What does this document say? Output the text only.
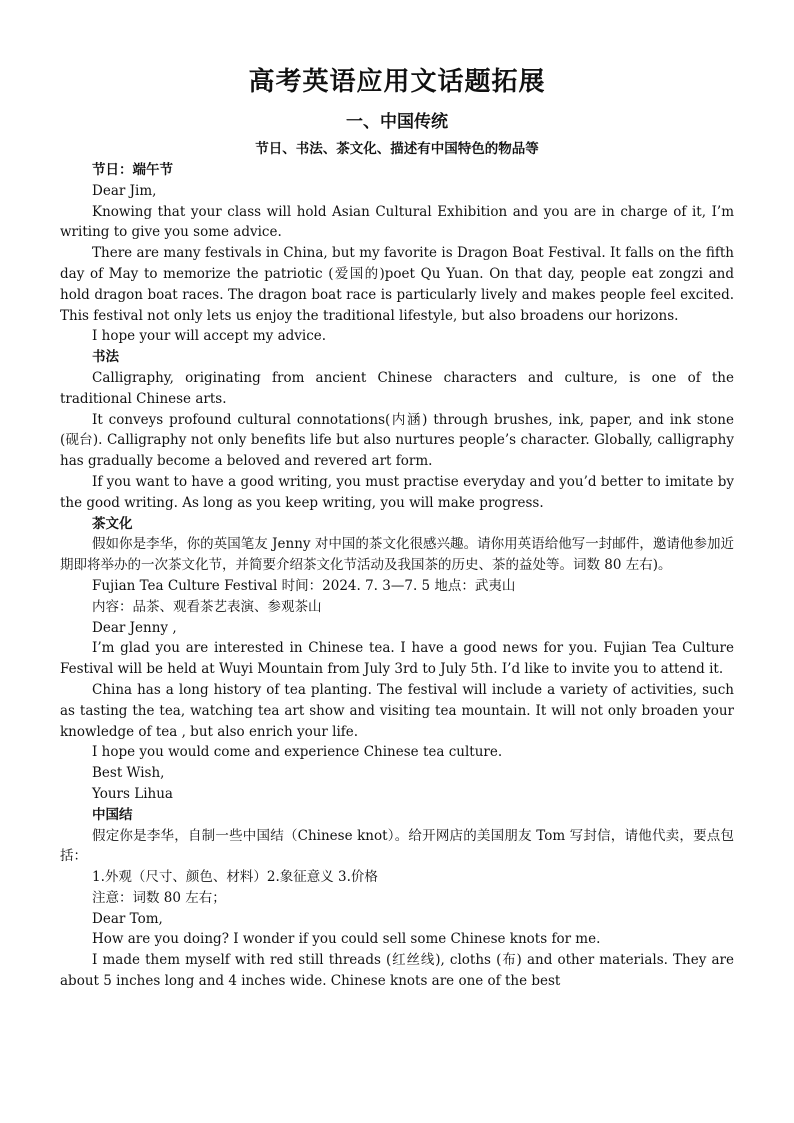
高考英语应用文话题拓展
一、中国传统
节日、书法、茶文化、描述有中国特色的物品等

节日：端午节

Dear Jim,

Knowing that your class will hold Asian Cultural Exhibition and you are in charge of it, I’m writing to give you some advice.

There are many festivals in China, but my favorite is Dragon Boat Festival. It falls on the fifth day of May to memorize the patriotic (爱国的)poet Qu Yuan. On that day, people eat zongzi and hold dragon boat races. The dragon boat race is particularly lively and makes people feel excited. This festival not only lets us enjoy the traditional lifestyle, but also broadens our horizons.

I hope your will accept my advice.

书法

Calligraphy, originating from ancient Chinese characters and culture, is one of the traditional Chinese arts.

It conveys profound cultural connotations(内涵) through brushes, ink, paper, and ink stone (砚台). Calligraphy not only benefits life but also nurtures people’s character. Globally, calligraphy has gradually become a beloved and revered art form.

If you want to have a good writing, you must practise everyday and you’d better to imitate by the good writing. As long as you keep writing, you will make progress.

茶文化

假如你是李华，你的英国笔友 Jenny 对中国的茶文化很感兴趣。请你用英语给他写一封邮件，邀请他参加近期即将举办的一次茶文化节，并简要介绍茶文化节活动及我国茶的历史、茶的益处等。词数 80 左右)。

Fujian Tea Culture Festival 时间：2024. 7. 3—7. 5 地点：武夷山

内容：品茶、观看茶艺表演、参观茶山

Dear Jenny ,

I’m glad you are interested in Chinese tea. I have a good news for you. Fujian Tea Culture Festival will be held at Wuyi Mountain from July 3rd to July 5th. I’d like to invite you to attend it.

China has a long history of tea planting. The festival will include a variety of activities, such as tasting the tea, watching tea art show and visiting tea mountain. It will not only broaden your knowledge of tea , but also enrich your life.

I hope you would come and experience Chinese tea culture.

Best Wish,

Yours Lihua

中国结

假定你是李华，自制一些中国结（Chinese knot）。给开网店的美国朋友 Tom 写封信，请他代卖，要点包括：

1.外观（尺寸、颜色、材料）2.象征意义 3.价格

注意：词数 80 左右；

Dear Tom,

How are you doing? I wonder if you could sell some Chinese knots for me.

I made them myself with red still threads (红丝线), cloths (布) and other materials. They are about 5 inches long and 4 inches wide. Chinese knots are one of the best
